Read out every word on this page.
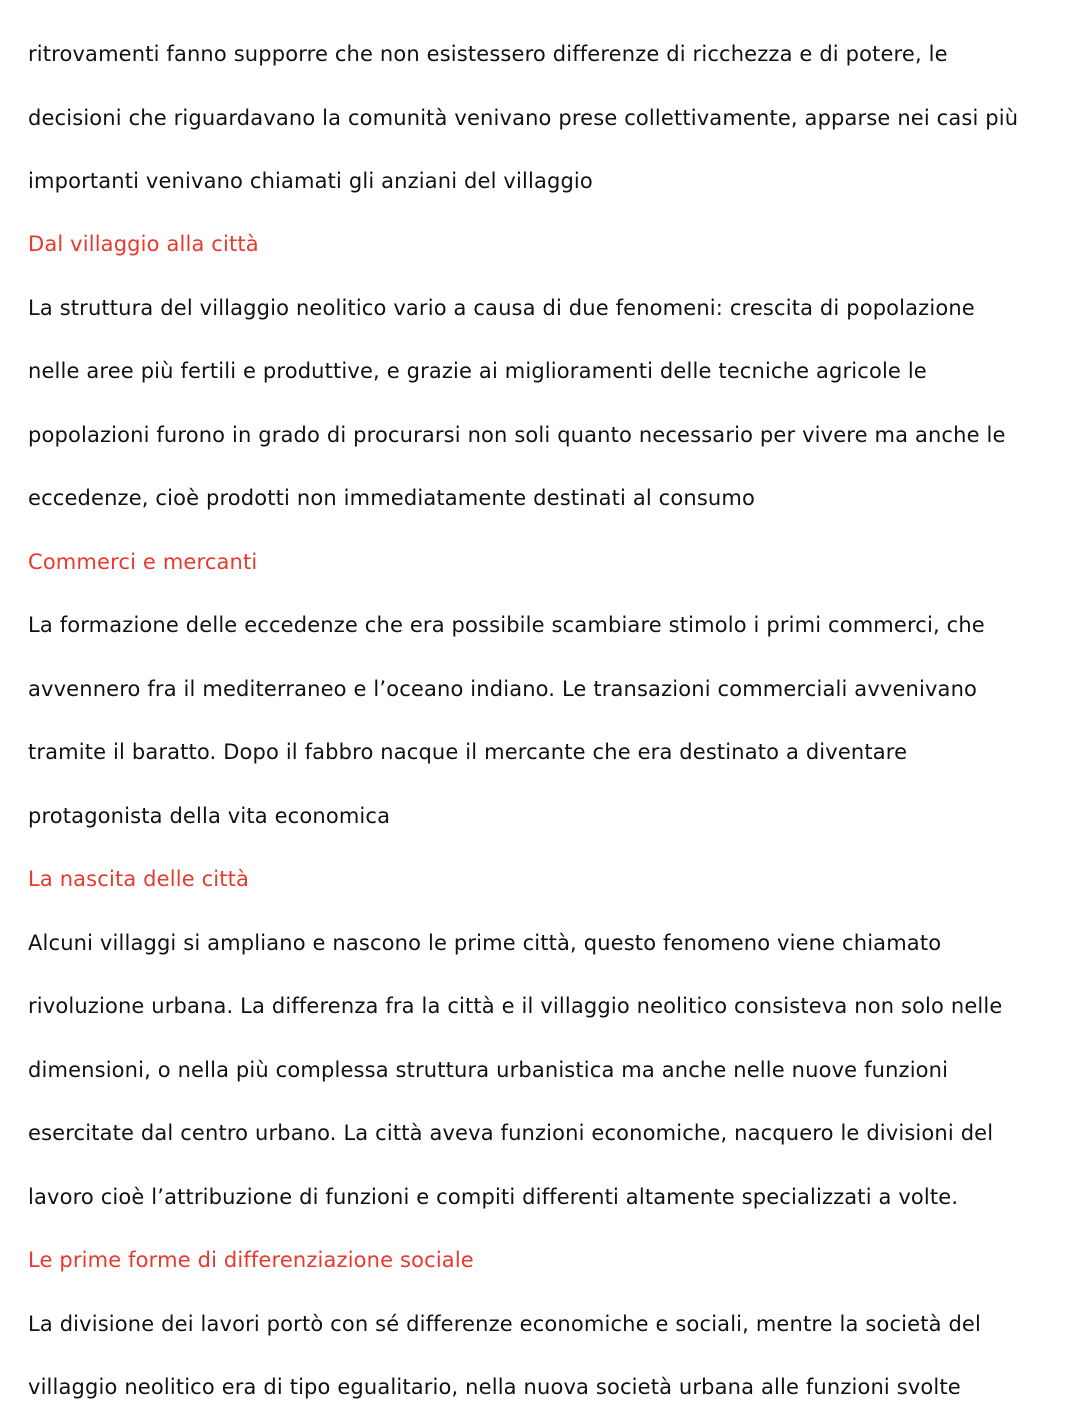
ritrovamenti fanno supporre che non esistessero differenze di ricchezza e di potere, le
decisioni che riguardavano la comunità venivano prese collettivamente, apparse nei casi più
importanti venivano chiamati gli anziani del villaggio
Dal villaggio alla città
La struttura del villaggio neolitico vario a causa di due fenomeni: crescita di popolazione
nelle aree più fertili e produttive, e grazie ai miglioramenti delle tecniche agricole le
popolazioni furono in grado di procurarsi non soli quanto necessario per vivere ma anche le
eccedenze, cioè prodotti non immediatamente destinati al consumo
Commerci e mercanti
La formazione delle eccedenze che era possibile scambiare stimolo i primi commerci, che
avvennero fra il mediterraneo e l’oceano indiano. Le transazioni commerciali avvenivano
tramite il baratto. Dopo il fabbro nacque il mercante che era destinato a diventare
protagonista della vita economica
La nascita delle città
Alcuni villaggi si ampliano e nascono le prime città, questo fenomeno viene chiamato
rivoluzione urbana. La differenza fra la città e il villaggio neolitico consisteva non solo nelle
dimensioni, o nella più complessa struttura urbanistica ma anche nelle nuove funzioni
esercitate dal centro urbano. La città aveva funzioni economiche, nacquero le divisioni del
lavoro cioè l’attribuzione di funzioni e compiti differenti altamente specializzati a volte.
Le prime forme di differenziazione sociale
La divisione dei lavori portò con sé differenze economiche e sociali, mentre la società del
villaggio neolitico era di tipo egualitario, nella nuova società urbana alle funzioni svolte
